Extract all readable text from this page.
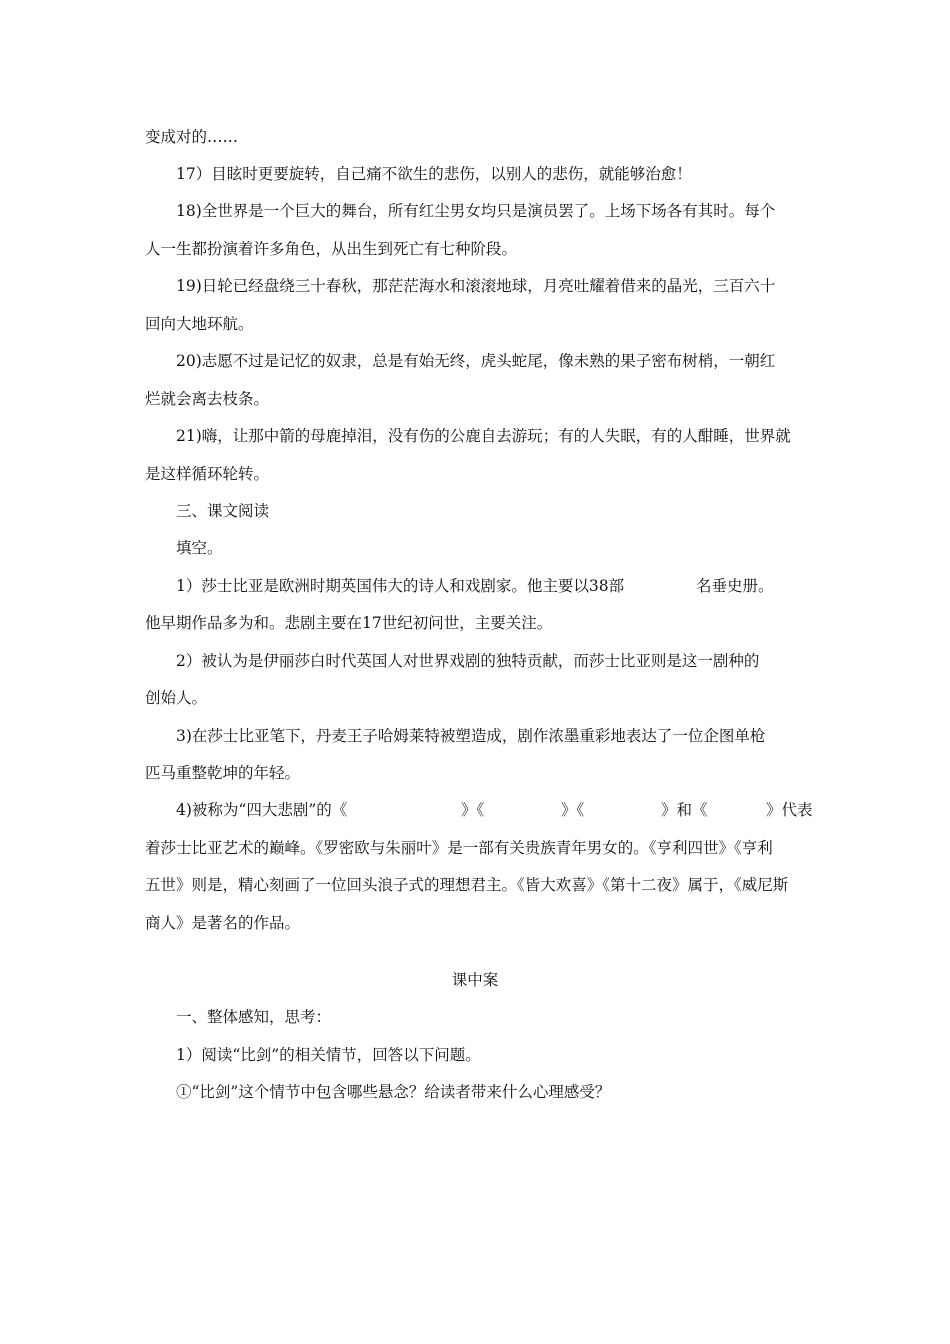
变成对的……
17）目眩时更要旋转，自己痛不欲生的悲伤，以别人的悲伤，就能够治愈！
18)全世界是一个巨大的舞台，所有红尘男女均只是演员罢了。上场下场各有其时。每个
人一生都扮演着许多角色，从出生到死亡有七种阶段。
19)日轮已经盘绕三十春秋，那茫茫海水和滚滚地球，月亮吐耀着借来的晶光，三百六十
回向大地环航。
20)志愿不过是记忆的奴隶，总是有始无终，虎头蛇尾，像未熟的果子密布树梢，一朝红
烂就会离去枝条。
21)嗨，让那中箭的母鹿掉泪，没有伤的公鹿自去游玩；有的人失眠，有的人酣睡，世界就
是这样循环轮转。
三、课文阅读
填空。
1）莎士比亚是欧洲时期英国伟大的诗人和戏剧家。他主要以38部	名垂史册。
他早期作品多为和。悲剧主要在17世纪初问世，主要关注。
2）被认为是伊丽莎白时代英国人对世界戏剧的独特贡献，而莎士比亚则是这一剧种的
创始人。
3)在莎士比亚笔下，丹麦王子哈姆莱特被塑造成，剧作浓墨重彩地表达了一位企图单枪
匹马重整乾坤的年轻。
4)被称为“四大悲剧”的《	》《	》《	》和《	》代表
着莎士比亚艺术的巅峰。《罗密欧与朱丽叶》是一部有关贵族青年男女的。《亨利四世》《亨利
五世》则是，精心刻画了一位回头浪子式的理想君主。《皆大欢喜》《第十二夜》属于，《威尼斯
商人》是著名的作品。
课中案
一、整体感知，思考：
1）阅读“比剑”的相关情节，回答以下问题。
①“比剑”这个情节中包含哪些悬念？给读者带来什么心理感受？
